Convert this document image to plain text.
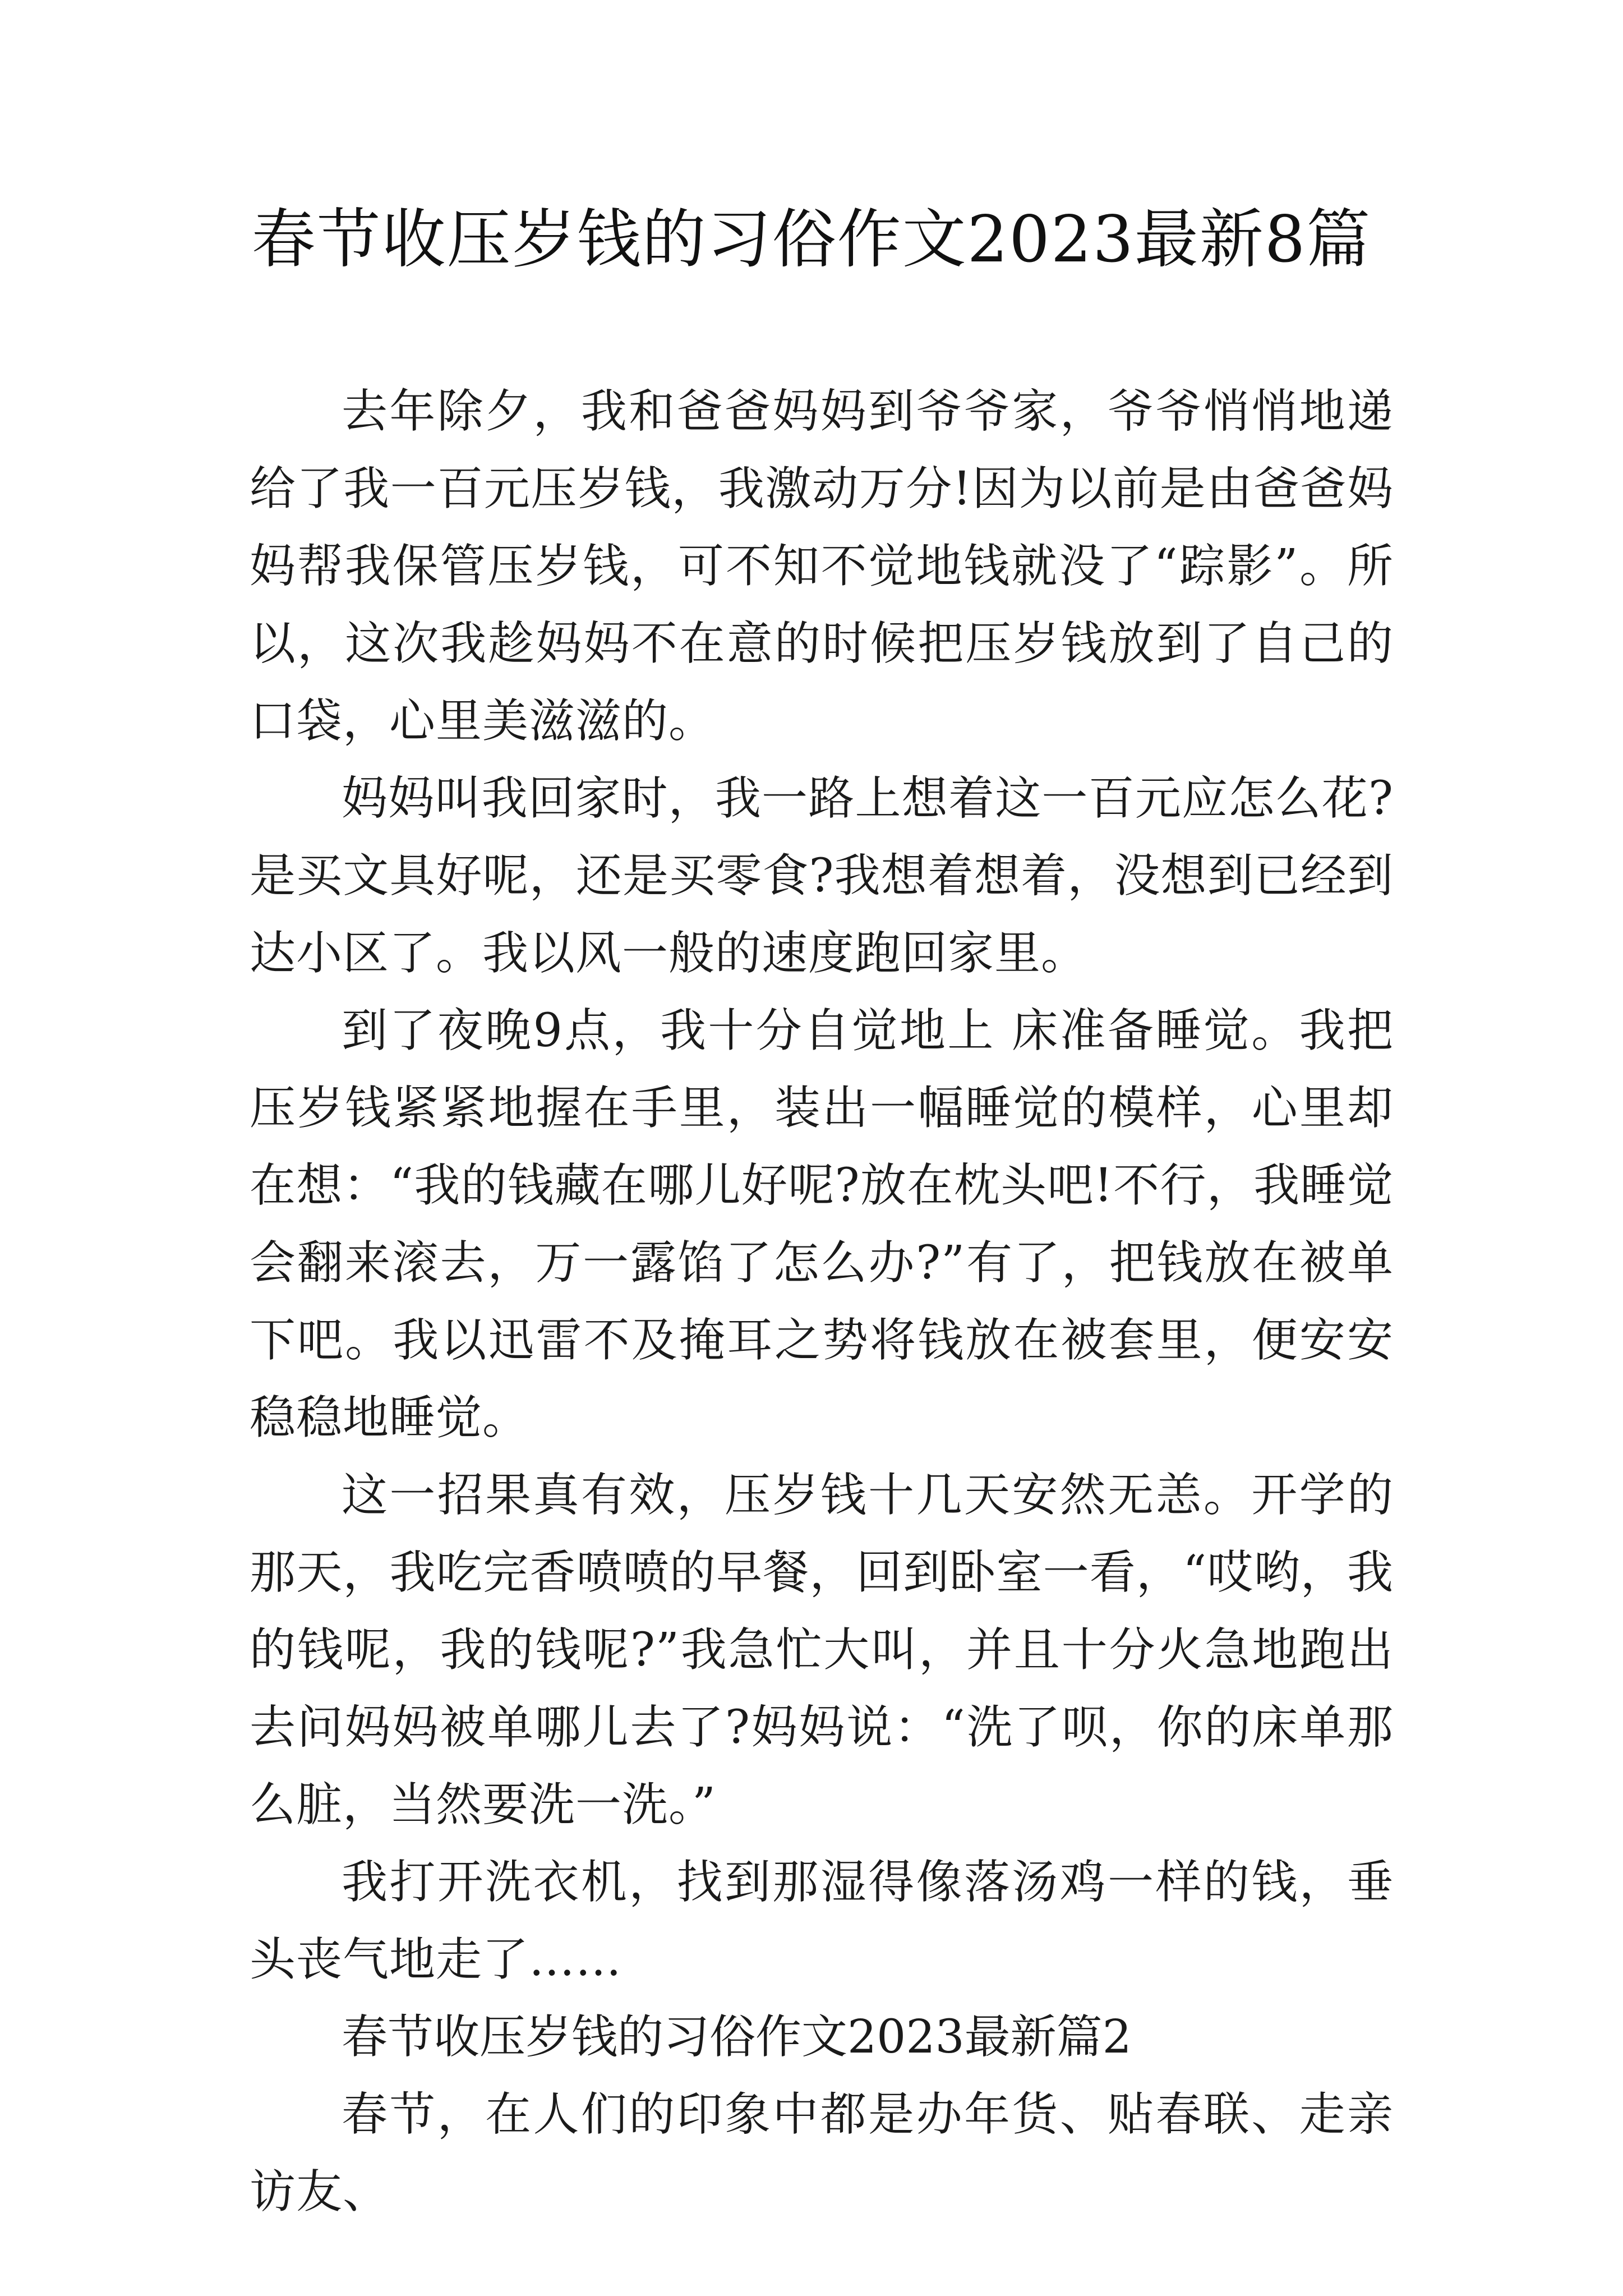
春节收压岁钱的习俗作文2023最新8篇

去年除夕，我和爸爸妈妈到爷爷家，爷爷悄悄地递给了我一百元压岁钱，我激动万分!因为以前是由爸爸妈妈帮我保管压岁钱，可不知不觉地钱就没了“踪影”。所以，这次我趁妈妈不在意的时候把压岁钱放到了自己的口袋，心里美滋滋的。

妈妈叫我回家时，我一路上想着这一百元应怎么花?是买文具好呢，还是买零食?我想着想着，没想到已经到达小区了。我以风一般的速度跑回家里。

到了夜晚9点，我十分自觉地上 床准备睡觉。我把压岁钱紧紧地握在手里，装出一幅睡觉的模样，心里却在想：“我的钱藏在哪儿好呢?放在枕头吧!不行，我睡觉会翻来滚去，万一露馅了怎么办?”有了，把钱放在被单下吧。我以迅雷不及掩耳之势将钱放在被套里，便安安稳稳地睡觉。

这一招果真有效，压岁钱十几天安然无恙。开学的那天，我吃完香喷喷的早餐，回到卧室一看，“哎哟，我的钱呢，我的钱呢?”我急忙大叫，并且十分火急地跑出去问妈妈被单哪儿去了?妈妈说：“洗了呗，你的床单那么脏，当然要洗一洗。”

我打开洗衣机，找到那湿得像落汤鸡一样的钱，垂头丧气地走了……

春节收压岁钱的习俗作文2023最新篇2

春节，在人们的印象中都是办年货、贴春联、走亲访友、
